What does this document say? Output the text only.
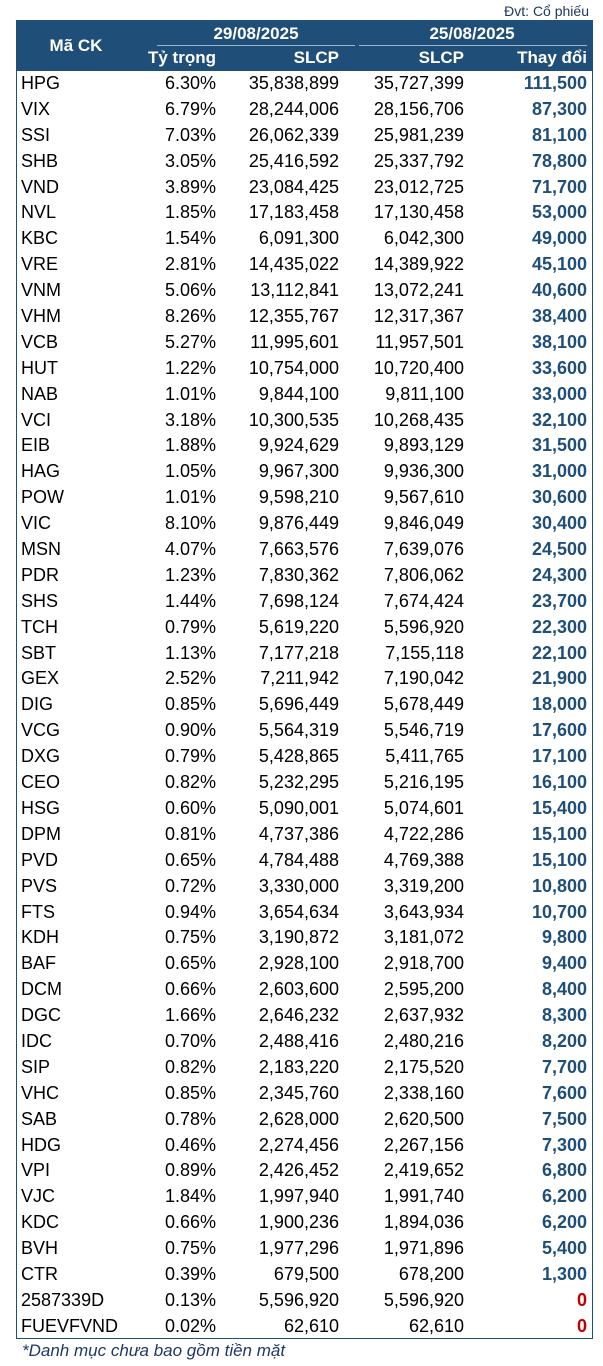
Đvt: Cổ phiếu
Mã CK
29/08/2025	25/08/2025
Tỷ trọng	SLCP	SLCP	Thay đổi
HPG	6.30% 35,838,899 35,727,399	111,500
VIX	6.79% 28,244,006 28,156,706	87,300
SSI	7.03% 26,062,339 25,981,239	81,100
SHB	3.05% 25,416,592 25,337,792	78,800
VND	3.89% 23,084,425 23,012,725	71,700
NVL	1.85% 17,183,458 17,130,458	53,000
KBC	1.54% 6,091,300 6,042,300	49,000
VRE	2.81% 14,435,022 14,389,922	45,100
VNM	5.06% 13,112,841 13,072,241	40,600
VHM	8.26% 12,355,767 12,317,367	38,400
VCB	5.27% 11,995,601 11,957,501	38,100
HUT	1.22% 10,754,000 10,720,400	33,600
NAB	1.01% 9,844,100	9,811,100	33,000
VCI	3.18% 10,300,535 10,268,435	32,100
EIB	1.88% 9,924,629 9,893,129	31,500
HAG	1.05% 9,967,300 9,936,300	31,000
POW	1.01% 9,598,210 9,567,610	30,600
VIC	8.10% 9,876,449 9,846,049	30,400
MSN	4.07% 7,663,576 7,639,076	24,500
PDR	1.23% 7,830,362 7,806,062	24,300
SHS	1.44% 7,698,124 7,674,424	23,700
TCH	0.79% 5,619,220 5,596,920	22,300
SBT	1.13% 7,177,218	7,155,118	22,100
GEX	2.52% 7,211,942 7,190,042	21,900
DIG	0.85% 5,696,449 5,678,449	18,000
VCG	0.90% 5,564,319 5,546,719	17,600
DXG	0.79% 5,428,865	5,411,765	17,100
CEO	0.82% 5,232,295 5,216,195	16,100
HSG	0.60% 5,090,001 5,074,601	15,400
DPM	0.81% 4,737,386 4,722,286	15,100
PVD	0.65% 4,784,488 4,769,388	15,100
PVS	0.72% 3,330,000 3,319,200	10,800
FTS	0.94% 3,654,634 3,643,934	10,700
KDH	0.75% 3,190,872 3,181,072	9,800
BAF	0.65% 2,928,100 2,918,700	9,400
DCM	0.66% 2,603,600 2,595,200	8,400
DGC	1.66% 2,646,232 2,637,932	8,300
IDC	0.70% 2,488,416 2,480,216	8,200
SIP	0.82% 2,183,220 2,175,520	7,700
VHC	0.85% 2,345,760 2,338,160	7,600
SAB	0.78% 2,628,000 2,620,500	7,500
HDG	0.46% 2,274,456 2,267,156	7,300
VPI	0.89% 2,426,452 2,419,652	6,800
VJC	1.84% 1,997,940 1,991,740	6,200
KDC	0.66% 1,900,236 1,894,036	6,200
BVH	0.75% 1,977,296 1,971,896	5,400
CTR	0.39%	679,500	678,200	1,300
2587339D	0.13% 5,596,920 5,596,920	0
FUEVFVND	0.02%	62,610	62,610	0
*Danh mục chưa bao gồm tiền mặt
